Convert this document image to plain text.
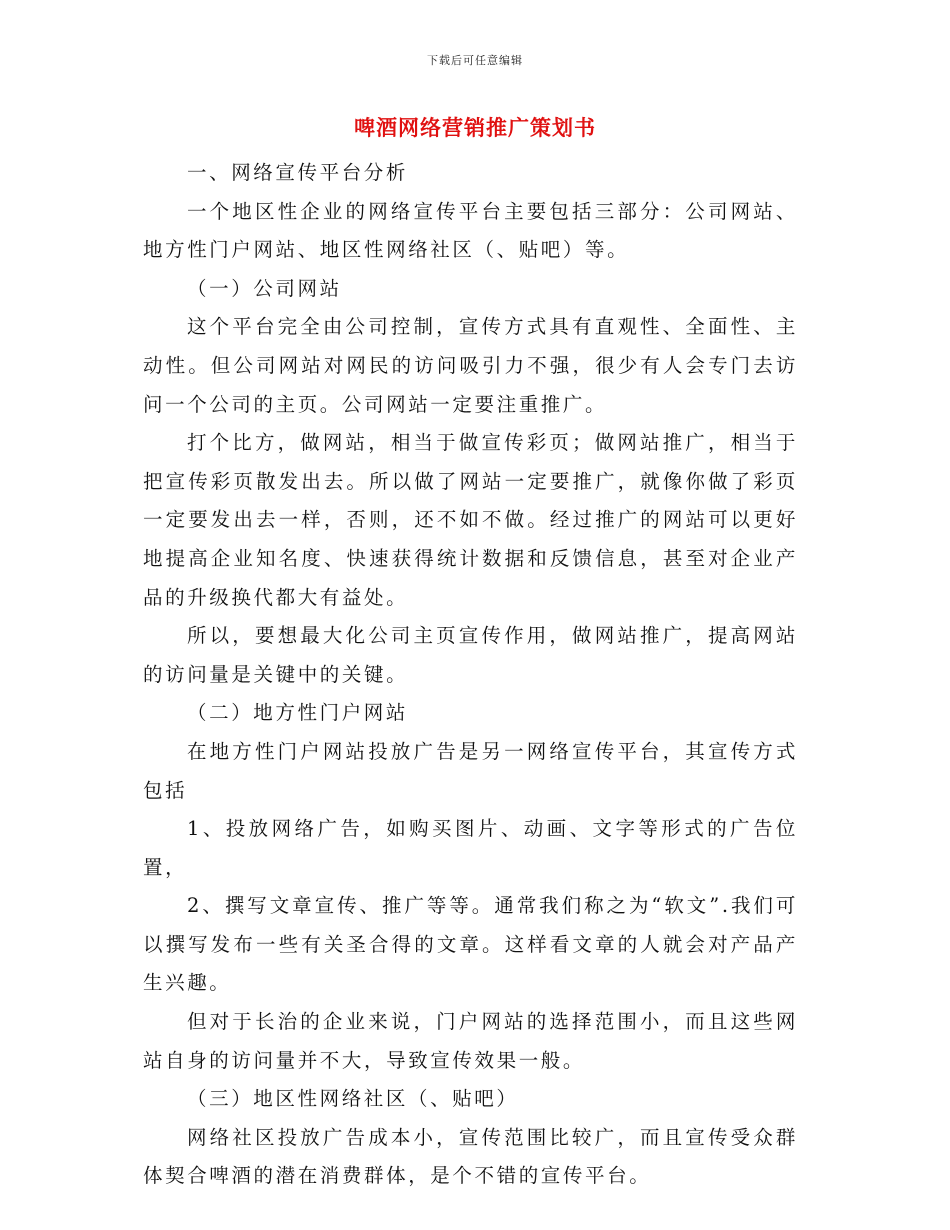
下载后可任意编辑
啤酒网络营销推广策划书

一、网络宣传平台分析

一个地区性企业的网络宣传平台主要包括三部分：公司网站、地方性门户网站、地区性网络社区（、贴吧）等。

（一）公司网站

这个平台完全由公司控制，宣传方式具有直观性、全面性、主动性。但公司网站对网民的访问吸引力不强，很少有人会专门去访问一个公司的主页。公司网站一定要注重推广。

打个比方，做网站，相当于做宣传彩页；做网站推广，相当于把宣传彩页散发出去。所以做了网站一定要推广，就像你做了彩页一定要发出去一样，否则，还不如不做。经过推广的网站可以更好地提高企业知名度、快速获得统计数据和反馈信息，甚至对企业产品的升级换代都大有益处。

所以，要想最大化公司主页宣传作用，做网站推广，提高网站的访问量是关键中的关键。

（二）地方性门户网站

在地方性门户网站投放广告是另一网络宣传平台，其宣传方式包括

1、投放网络广告，如购买图片、动画、文字等形式的广告位置，

2、撰写文章宣传、推广等等。通常我们称之为“软文”.我们可以撰写发布一些有关圣合得的文章。这样看文章的人就会对产品产生兴趣。

但对于长治的企业来说，门户网站的选择范围小，而且这些网站自身的访问量并不大，导致宣传效果一般。

（三）地区性网络社区（、贴吧）

网络社区投放广告成本小，宣传范围比较广，而且宣传受众群体契合啤酒的潜在消费群体，是个不错的宣传平台。
